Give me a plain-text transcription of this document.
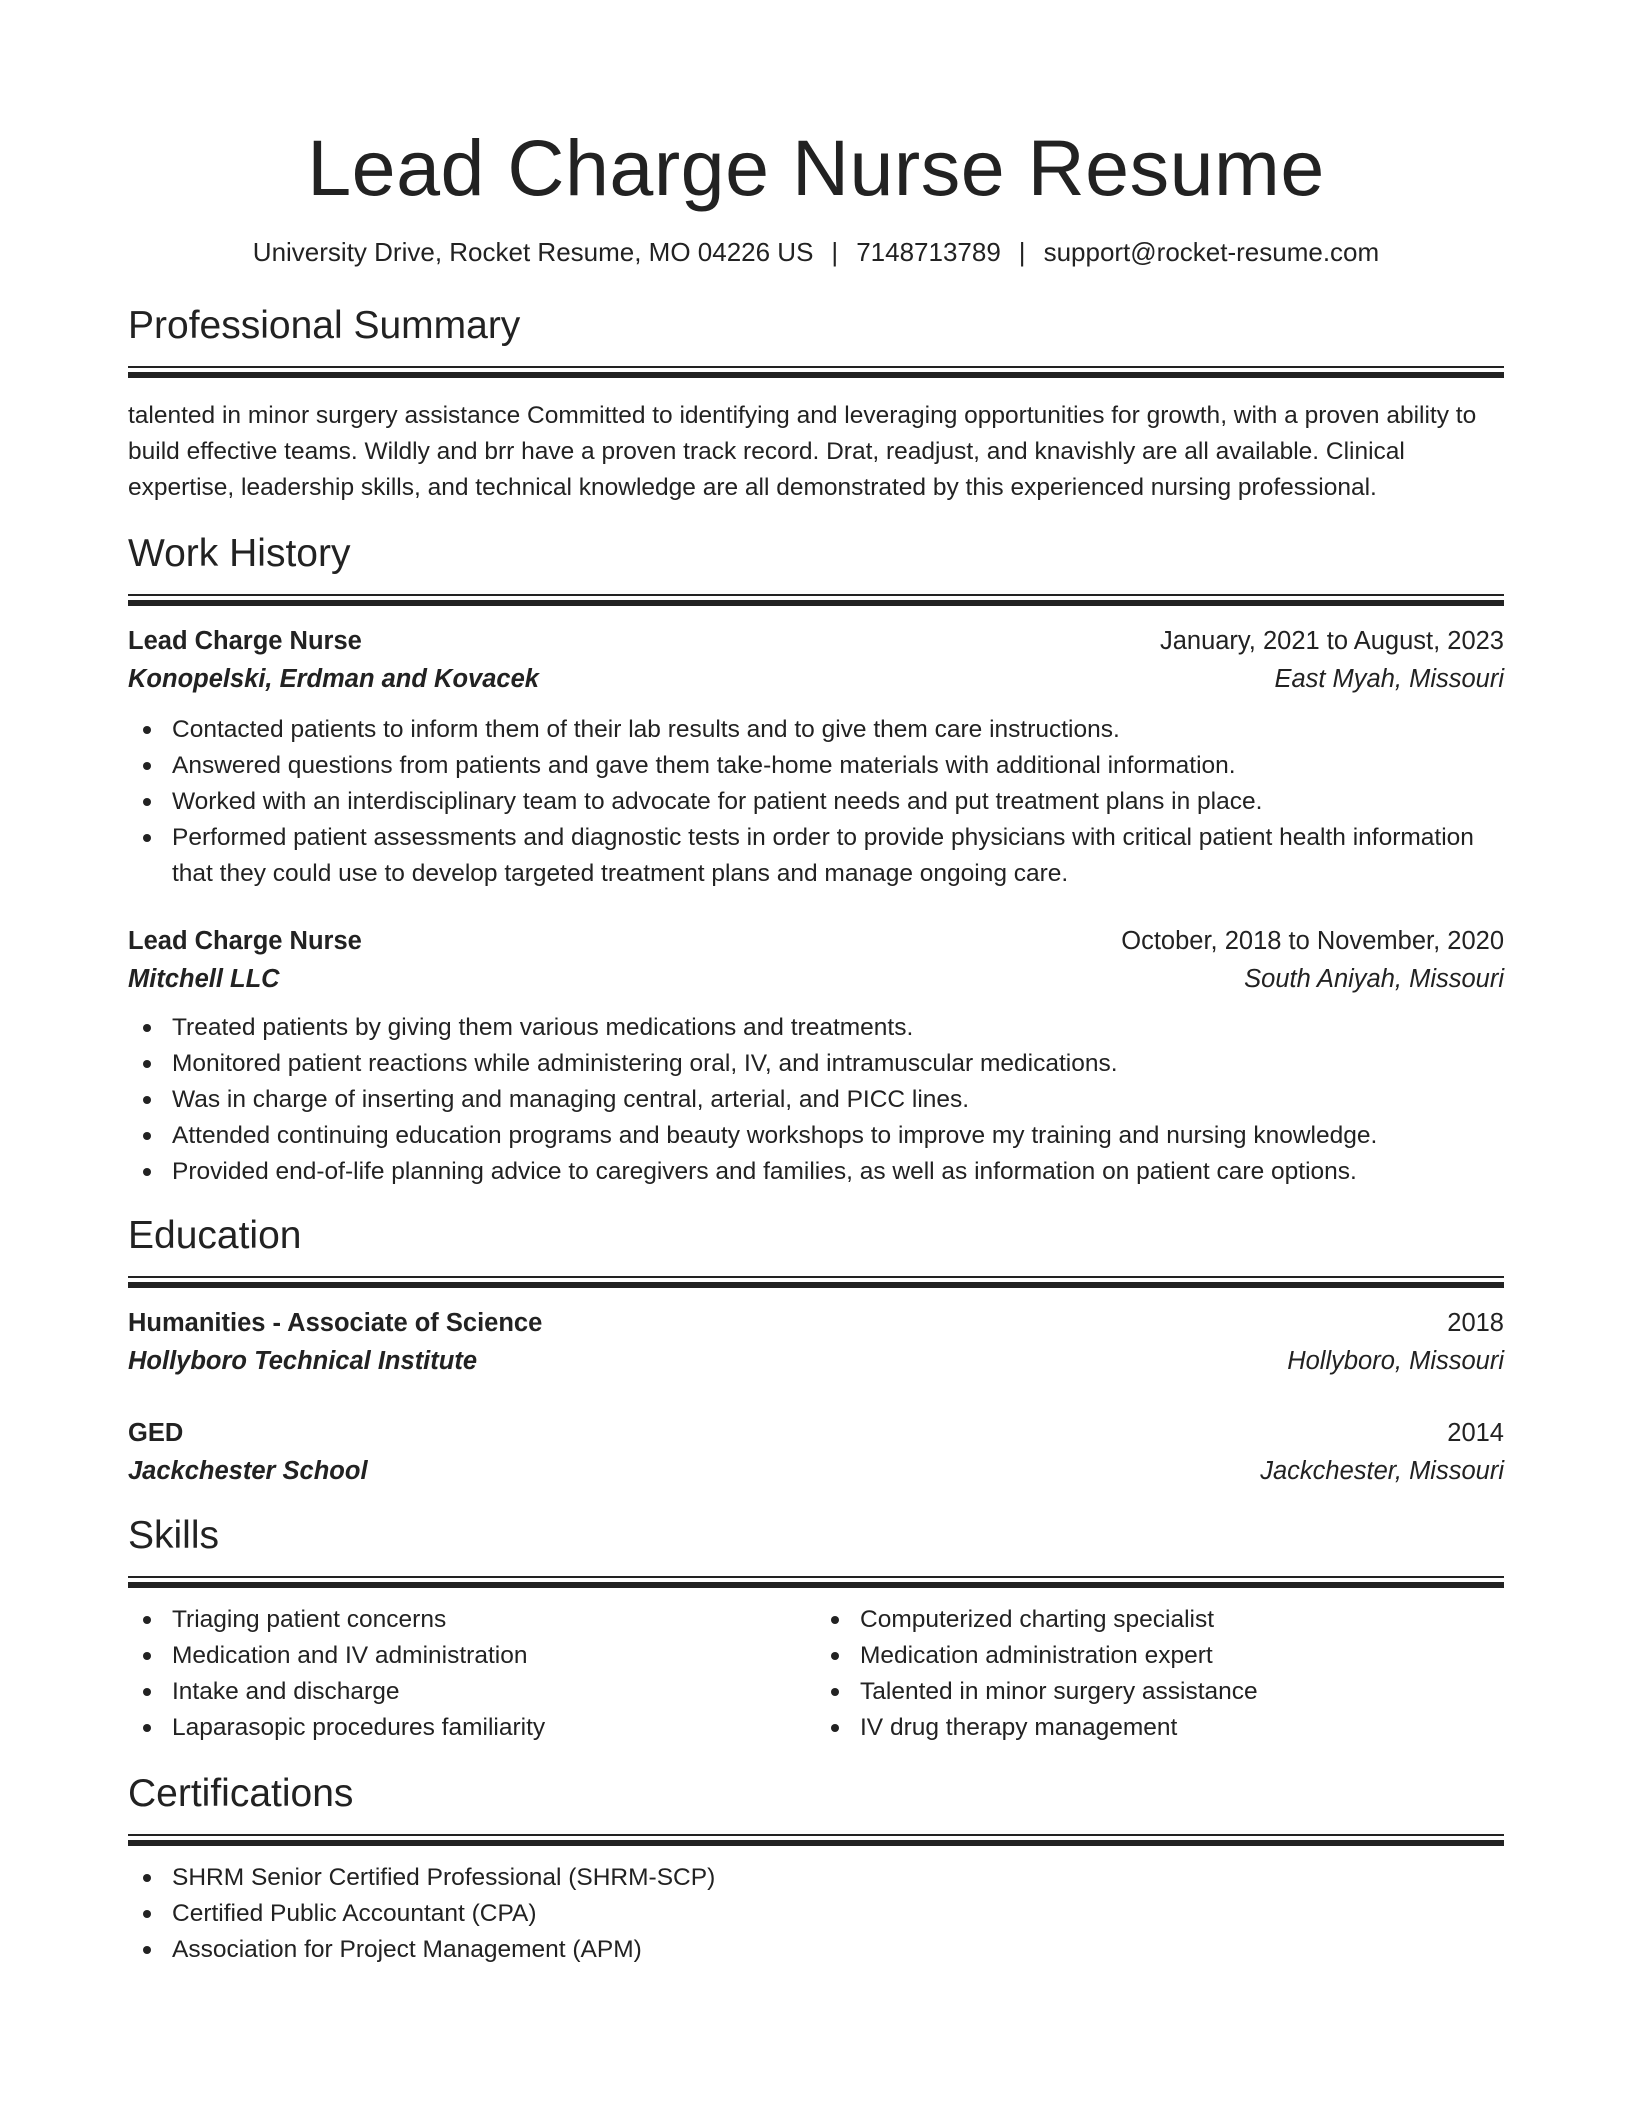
Lead Charge Nurse Resume
University Drive, Rocket Resume, MO 04226 US | 7148713789 | support@rocket-resume.com
Professional Summary
talented in minor surgery assistance Committed to identifying and leveraging opportunities for growth, with a proven ability to build effective teams. Wildly and brr have a proven track record. Drat, readjust, and knavishly are all available. Clinical expertise, leadership skills, and technical knowledge are all demonstrated by this experienced nursing professional.
Work History
Lead Charge Nurse	January, 2021 to August, 2023
Konopelski, Erdman and Kovacek	East Myah, Missouri
Contacted patients to inform them of their lab results and to give them care instructions.
Answered questions from patients and gave them take-home materials with additional information.
Worked with an interdisciplinary team to advocate for patient needs and put treatment plans in place.
Performed patient assessments and diagnostic tests in order to provide physicians with critical patient health information that they could use to develop targeted treatment plans and manage ongoing care.
Lead Charge Nurse	October, 2018 to November, 2020
Mitchell LLC	South Aniyah, Missouri
Treated patients by giving them various medications and treatments.
Monitored patient reactions while administering oral, IV, and intramuscular medications.
Was in charge of inserting and managing central, arterial, and PICC lines.
Attended continuing education programs and beauty workshops to improve my training and nursing knowledge.
Provided end-of-life planning advice to caregivers and families, as well as information on patient care options.
Education
Humanities - Associate of Science	2018
Hollyboro Technical Institute	Hollyboro, Missouri
GED	2014
Jackchester School	Jackchester, Missouri
Skills
Triaging patient concerns
Medication and IV administration
Intake and discharge
Laparasopic procedures familiarity
Computerized charting specialist
Medication administration expert
Talented in minor surgery assistance
IV drug therapy management
Certifications
SHRM Senior Certified Professional (SHRM-SCP)
Certified Public Accountant (CPA)
Association for Project Management (APM)
